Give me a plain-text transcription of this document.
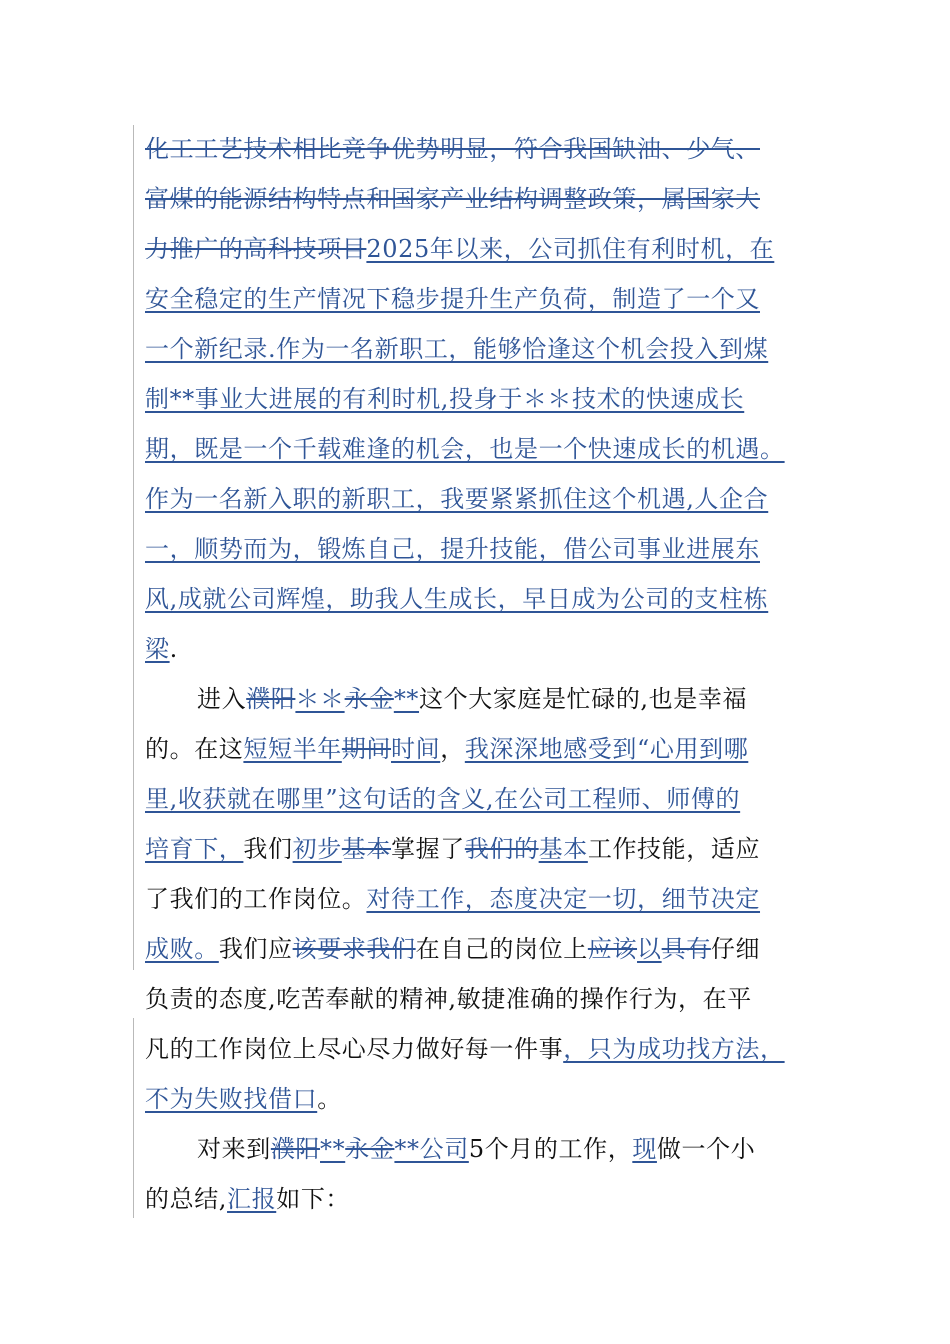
化工工艺技术相比竞争优势明显，符合我国缺油、少气、
富煤的能源结构特点和国家产业结构调整政策，属国家大
力推广的高科技项目2025年以来，公司抓住有利时机，在
安全稳定的生产情况下稳步提升生产负荷，制造了一个又
一个新纪录.作为一名新职工，能够恰逢这个机会投入到煤
制**事业大进展的有利时机,投身于＊＊技术的快速成长
期，既是一个千载难逢的机会，也是一个快速成长的机遇。
作为一名新入职的新职工，我要紧紧抓住这个机遇,人企合
一，顺势而为，锻炼自己，提升技能，借公司事业进展东
风,成就公司辉煌，助我人生成长，早日成为公司的支柱栋
梁.
进入濮阳＊＊永金**这个大家庭是忙碌的,也是幸福
的。在这短短半年期间时间，我深深地感受到“心用到哪
里,收获就在哪里”这句话的含义,在公司工程师、师傅的
培育下，我们初步基本掌握了我们的基本工作技能，适应
了我们的工作岗位。对待工作，态度决定一切，细节决定
成败。我们应该要求我们在自己的岗位上应该以具有仔细
负责的态度,吃苦奉献的精神,敏捷准确的操作行为，在平
凡的工作岗位上尽心尽力做好每一件事，只为成功找方法，
不为失败找借口。
对来到濮阳**永金**公司5个月的工作，现做一个小
的总结,汇报如下：
